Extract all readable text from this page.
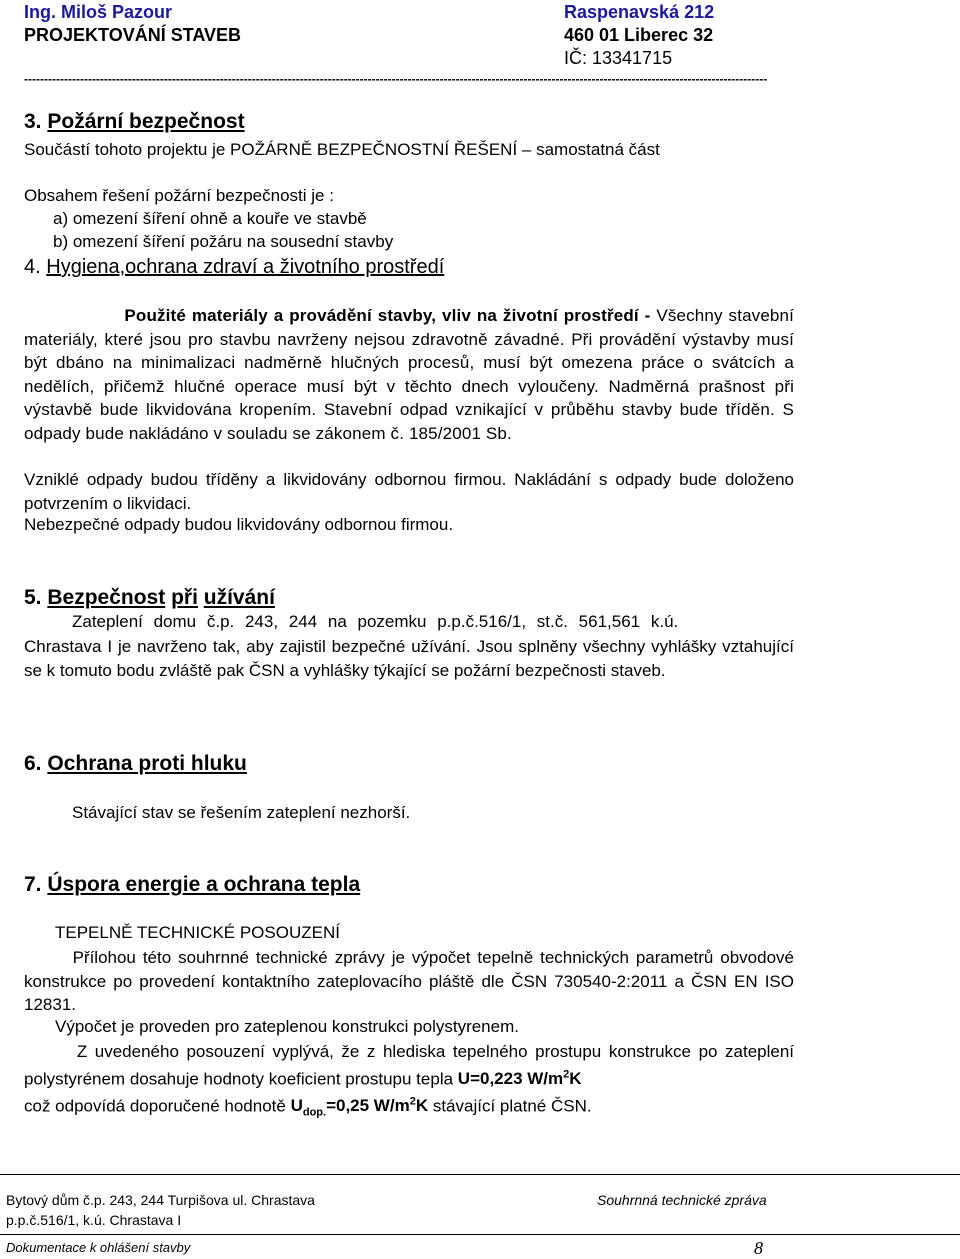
Ing. Miloš Pazour
PROJEKTOVÁNÍ STAVEB
Raspenavská 212
460 01 Liberec 32
IČ: 13341715
------------------------------------------------------------------------------------------------------------------------------------------------------------------------------------------
3. Požární bezpečnost
Součástí tohoto projektu je POŽÁRNĚ BEZPEČNOSTNÍ ŘEŠENÍ – samostatná část
Obsahem řešení požární bezpečnosti je :
a) omezení šíření ohně a kouře ve stavbě
b) omezení šíření požáru na sousední stavby
4. Hygiena,ochrana zdraví a životního prostředí
Použité materiály a provádění stavby, vliv na životní prostředí - Všechny stavební materiály, které jsou pro stavbu navrženy nejsou zdravotně závadné. Při provádění výstavby musí být dbáno na minimalizaci nadměrně hlučných procesů, musí být omezena práce o svátcích a nedělích, přičemž hlučné operace musí být v těchto dnech vyloučeny. Nadměrná prašnost při výstavbě bude likvidována kropením. Stavební odpad vznikající v průběhu stavby bude tříděn. S odpady bude nakládáno v souladu se zákonem č. 185/2001 Sb.
Vzniklé odpady budou tříděny a likvidovány odbornou firmou. Nakládání s odpady bude doloženo potvrzením o likvidaci.
Nebezpečné odpady budou likvidovány odbornou firmou.
5. Bezpečnost při užívání
Zateplení domu č.p. 243, 244 na pozemku p.p.č.516/1, st.č. 561,561 k.ú.
Chrastava I je navrženo tak, aby zajistil bezpečné užívání. Jsou splněny všechny vyhlášky vztahující se k tomuto bodu zvláště pak ČSN a vyhlášky týkající se požární bezpečnosti staveb.
6. Ochrana proti hluku
Stávající stav se řešením zateplení nezhorší.
7. Úspora energie a ochrana tepla
TEPELNĚ TECHNICKÉ POSOUZENÍ
Přílohou této souhrnné technické zprávy je výpočet tepelně technických parametrů obvodové konstrukce po provedení kontaktního zateplovacího pláště dle ČSN 730540-2:2011 a ČSN EN ISO 12831.
Výpočet je proveden pro zateplenou konstrukci polystyrenem.
Z uvedeného posouzení vyplývá, že z hlediska tepelného prostupu konstrukce po zateplení polystyrénem dosahuje hodnoty koeficient prostupu tepla U=0,223 $W/m^2K$
což odpovídá doporučené hodnotě $U_{dop.}=0,25$ $W/m^2K$ stávající platné ČSN.
Bytový dům č.p. 243, 244 Turpišova ul. Chrastava
p.p.č.516/1, k.ú. Chrastava I
Souhrnná technické zpráva
Dokumentace k ohlášení stavby	8
